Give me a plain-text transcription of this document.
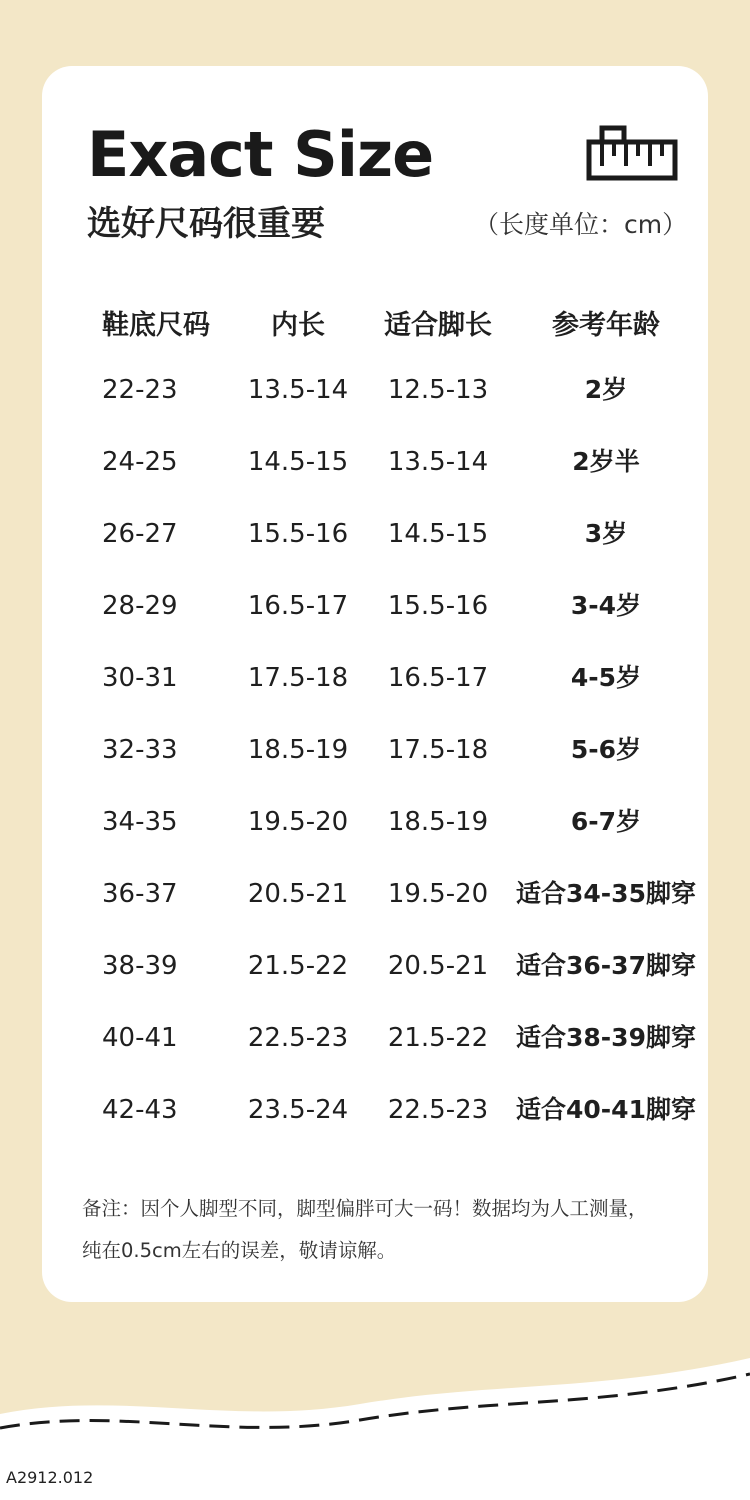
Exact Size
选好尺码很重要	（长度单位：cm）
鞋底尺码	内长	适合脚长	参考年龄
22-23	13.5-14	12.5-13	2岁
24-25	14.5-15	13.5-14	2岁半
26-27	15.5-16	14.5-15	3岁
28-29	16.5-17	15.5-16	3-4岁
30-31	17.5-18	16.5-17	4-5岁
32-33	18.5-19	17.5-18	5-6岁
34-35	19.5-20	18.5-19	6-7岁
36-37	20.5-21	19.5-20	适合34-35脚穿
38-39	21.5-22	20.5-21	适合36-37脚穿
40-41	22.5-23	21.5-22	适合38-39脚穿
42-43	23.5-24	22.5-23	适合40-41脚穿
备注：因个人脚型不同，脚型偏胖可大一码！数据均为人工测量，
纯在0.5cm左右的误差，敬请谅解。
A2912.012
